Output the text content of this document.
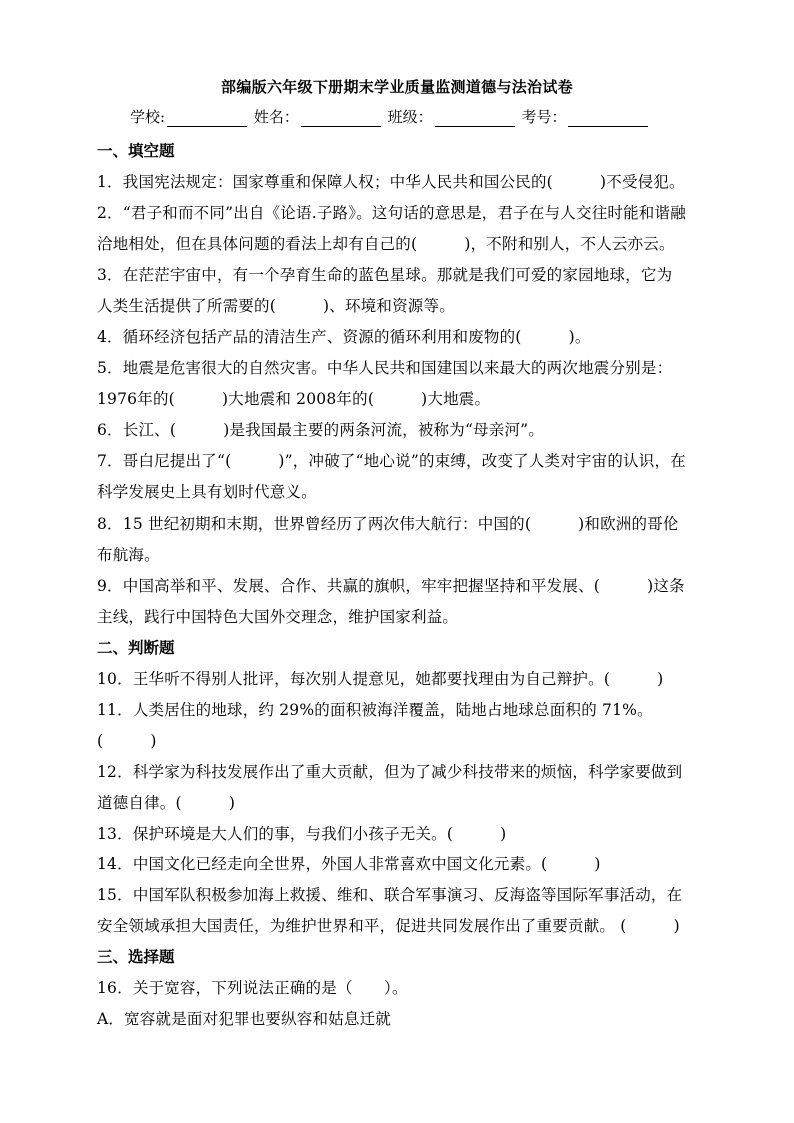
部编版六年级下册期末学业质量监测道德与法治试卷
学校:	姓名：	班级：	考号：
一、填空题
1．我国宪法规定：国家尊重和保障人权；中华人民共和国公民的(　　　)不受侵犯。
2．“君子和而不同”出自《论语.子路》。这句话的意思是，君子在与人交往时能和谐融
洽地相处，但在具体问题的看法上却有自己的(　　　)，不附和别人，不人云亦云。
3．在茫茫宇宙中，有一个孕育生命的蓝色星球。那就是我们可爱的家园地球，它为
人类生活提供了所需要的(　　　)、环境和资源等。
4．循环经济包括产品的清洁生产、资源的循环利用和废物的(　　　)。
5．地震是危害很大的自然灾害。中华人民共和国建国以来最大的两次地震分别是：
1976年的(　　　)大地震和 2008年的(　　　)大地震。
6．长江、(　　　)是我国最主要的两条河流，被称为“母亲河”。
7．哥白尼提出了“(　　　)”，冲破了“地心说”的束缚，改变了人类对宇宙的认识，在
科学发展史上具有划时代意义。
8．15 世纪初期和末期，世界曾经历了两次伟大航行：中国的(　　　)和欧洲的哥伦
布航海。
9．中国高举和平、发展、合作、共赢的旗帜，牢牢把握坚持和平发展、(　　　)这条
主线，践行中国特色大国外交理念，维护国家利益。
二、判断题
10．王华听不得别人批评，每次别人提意见，她都要找理由为自己辩护。(　　　)
11．人类居住的地球，约 29%的面积被海洋覆盖，陆地占地球总面积的 71%。
(　　　)
12．科学家为科技发展作出了重大贡献，但为了减少科技带来的烦恼，科学家要做到
道德自律。(　　　)
13．保护环境是大人们的事，与我们小孩子无关。(　　　)
14．中国文化已经走向全世界，外国人非常喜欢中国文化元素。(　　　)
15．中国军队积极参加海上救援、维和、联合军事演习、反海盗等国际军事活动，在
安全领域承担大国责任，为维护世界和平，促进共同发展作出了重要贡献。 (　　　)
三、选择题
16．关于宽容，下列说法正确的是（　　）。
A．宽容就是面对犯罪也要纵容和姑息迁就
